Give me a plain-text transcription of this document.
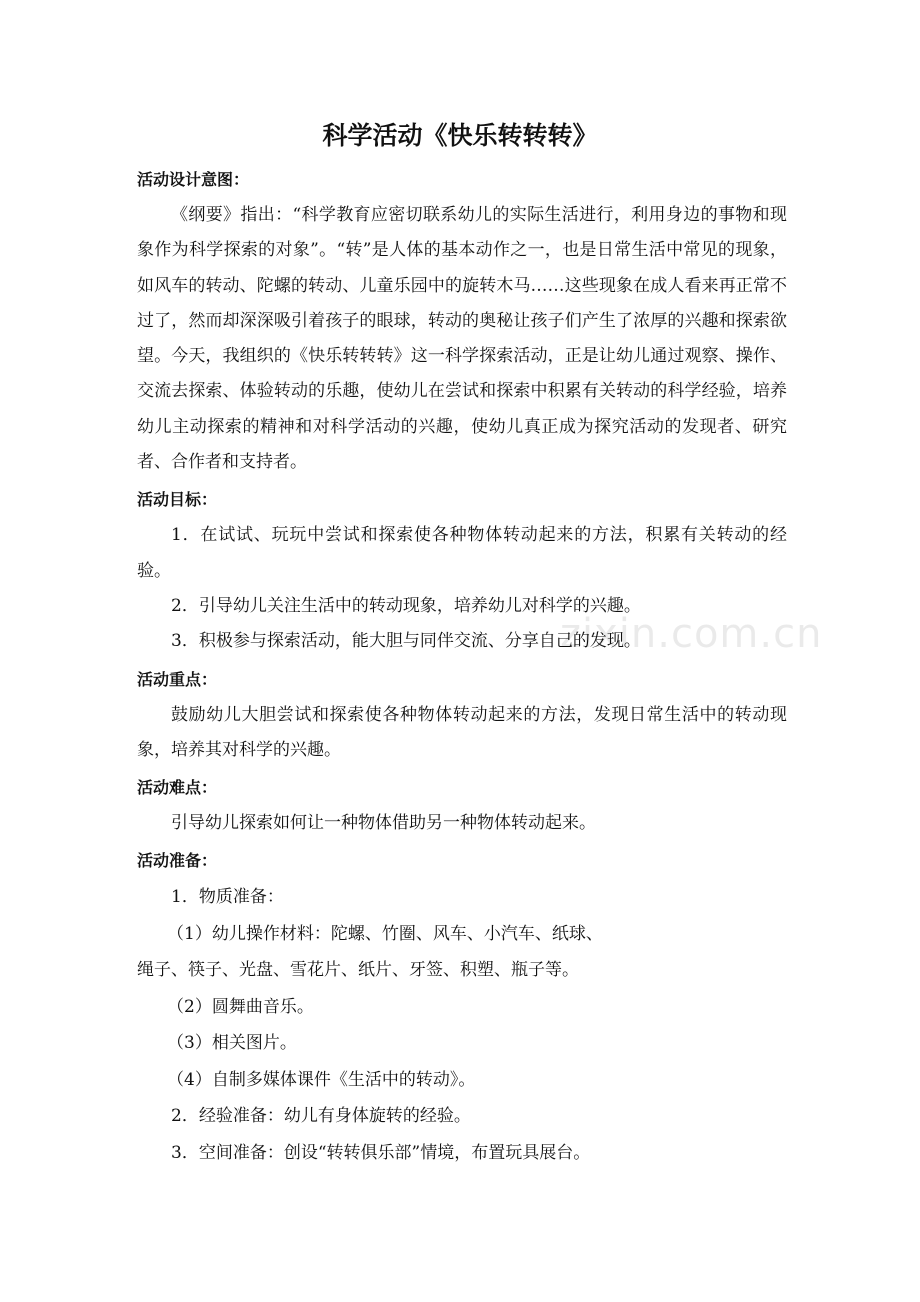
科学活动《快乐转转转》

活动设计意图：

《纲要》指出：“科学教育应密切联系幼儿的实际生活进行，利用身边的事物和现象作为科学探索的对象”。“转”是人体的基本动作之一，也是日常生活中常见的现象，如风车的转动、陀螺的转动、儿童乐园中的旋转木马……这些现象在成人看来再正常不过了，然而却深深吸引着孩子的眼球，转动的奥秘让孩子们产生了浓厚的兴趣和探索欲望。今天，我组织的《快乐转转转》这一科学探索活动，正是让幼儿通过观察、操作、交流去探索、体验转动的乐趣，使幼儿在尝试和探索中积累有关转动的科学经验，培养幼儿主动探索的精神和对科学活动的兴趣，使幼儿真正成为探究活动的发现者、研究者、合作者和支持者。

活动目标：

1．在试试、玩玩中尝试和探索使各种物体转动起来的方法，积累有关转动的经验。

2．引导幼儿关注生活中的转动现象，培养幼儿对科学的兴趣。

3．积极参与探索活动，能大胆与同伴交流、分享自己的发现。

活动重点：

鼓励幼儿大胆尝试和探索使各种物体转动起来的方法，发现日常生活中的转动现象，培养其对科学的兴趣。

活动难点：

引导幼儿探索如何让一种物体借助另一种物体转动起来。

活动准备：

1．物质准备：

（1）幼儿操作材料：陀螺、竹圈、风车、小汽车、纸球、

绳子、筷子、光盘、雪花片、纸片、牙签、积塑、瓶子等。

（2）圆舞曲音乐。

（3）相关图片。

（4）自制多媒体课件《生活中的转动》。

2．经验准备：幼儿有身体旋转的经验。

3．空间准备：创设“转转俱乐部”情境，布置玩具展台。

zixin.com.cn
